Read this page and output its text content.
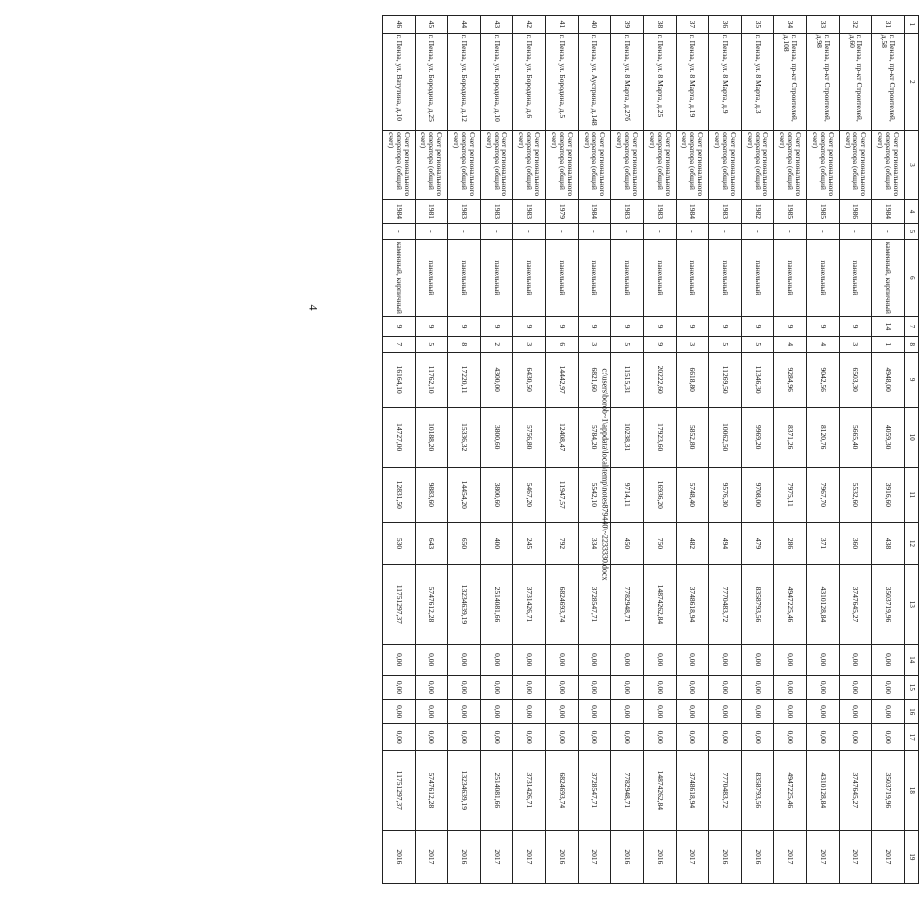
4
1	2	3	4	5	6	7	8	9	10	11	12	13	14	15	16	17	18	19
31	г. Пенза, пр-кт Строителей, д.58	Счет регионального оператора (общий счет)	1984	-	каменный, кирпичный	14	1	4948,00	4059,30	3916,60	438	3503719,96	0,00	0,00	0,00	0,00	3503719,96	2017
32	г. Пенза, пр-кт Строителей, д.60	Счет регионального оператора (общий счет)	1986	-	панельный	9	3	6503,30	5665,40	5532,60	360	3747645,27	0,00	0,00	0,00	0,00	3747645,27	2017
33	г. Пенза, пр-кт Строителей, д.98	Счет регионального оператора (общий счет)	1985	-	панельный	9	4	9042,56	8120,76	7967,70	371	4310128,84	0,00	0,00	0,00	0,00	4310128,84	2017
34	г. Пенза, пр-кт Строителей, д.108	Счет регионального оператора (общий счет)	1985	-	панельный	9	4	9284,96	8371,26	7975,11	286	4947225,46	0,00	0,00	0,00	0,00	4947225,46	2017
35	г. Пенза, ул. 8 Марта, д.3	Счет регионального оператора (общий счет)	1982	-	панельный	9	5	11346,30	9969,20	9708,00	479	8358793,56	0,00	0,00	0,00	0,00	8358793,56	2016
36	г. Пенза, ул. 8 Марта, д.9	Счет регионального оператора (общий счет)	1983	-	панельный	9	5	11269,50	10062,50	9576,30	494	7770483,72	0,00	0,00	0,00	0,00	7770483,72	2016
37	г. Пенза, ул. 8 Марта, д.19	Счет регионального оператора (общий счет)	1984	-	панельный	9	3	6618,80	5852,80	5748,40	482	3748618,94	0,00	0,00	0,00	0,00	3748618,94	2017
38	г. Пенза, ул. 8 Марта, д.25	Счет регионального оператора (общий счет)	1983	-	панельный	9	9	20222,60	17923,60	16936,20	750	14874262,84	0,00	0,00	0,00	0,00	14874262,84	2016
39	г. Пенза, ул. 8 Марта, д.27б	Счет регионального оператора (общий счет)	1983	-	панельный	9	5	11515,31	10238,31	9714,11	450	7782948,71	0,00	0,00	0,00	0,00	7782948,71	2016
40	г. Пенза, ул. Аустрина, д.148	Счет регионального оператора (общий счет)	1984	-	панельный	9	3	6821,60	5784,20	5542,10	334	3728547,71	0,00	0,00	0,00	0,00	3728547,71	2017
41	г. Пенза, ул. Бородина, д.5	Счет регионального оператора (общий счет)	1979	-	панельный	9	6	14442,97	12408,47	11947,57	792	6824693,74	0,00	0,00	0,00	0,00	6824693,74	2016
42	г. Пенза, ул. Бородина, д.6	Счет регионального оператора (общий счет)	1983	-	панельный	9	3	6430,50	5756,80	5467,20	245	3731426,71	0,00	0,00	0,00	0,00	3731426,71	2017
43	г. Пенза, ул. Бородина, д.10	Счет регионального оператора (общий счет)	1983	-	панельный	9	2	4300,00	3800,60	3800,60	400	2514081,66	0,00	0,00	0,00	0,00	2514081,66	2017
44	г. Пенза, ул. Бородина, д.12	Счет регионального оператора (общий счет)	1983	-	панельный	9	8	17220,11	15336,32	14454,20	650	13234639,19	0,00	0,00	0,00	0,00	13234639,19	2016
45	г. Пенза, ул. Бородина, д.25	Счет регионального оператора (общий счет)	1981	-	панельный	9	5	11762,10	10188,20	9883,60	643	5747612,28	0,00	0,00	0,00	0,00	5747612,28	2017
46	г. Пенза, ул. Ватутина, д.10	Счет регионального оператора (общий счет)	1984	-	каменный, кирпичный	9	7	16164,10	14727,00	12831,50	530	11751297,37	0,00	0,00	0,00	0,00	11751297,37	2016
c:\users\borob~1\appdata\local\temp\notes879440\~2233330.docx
